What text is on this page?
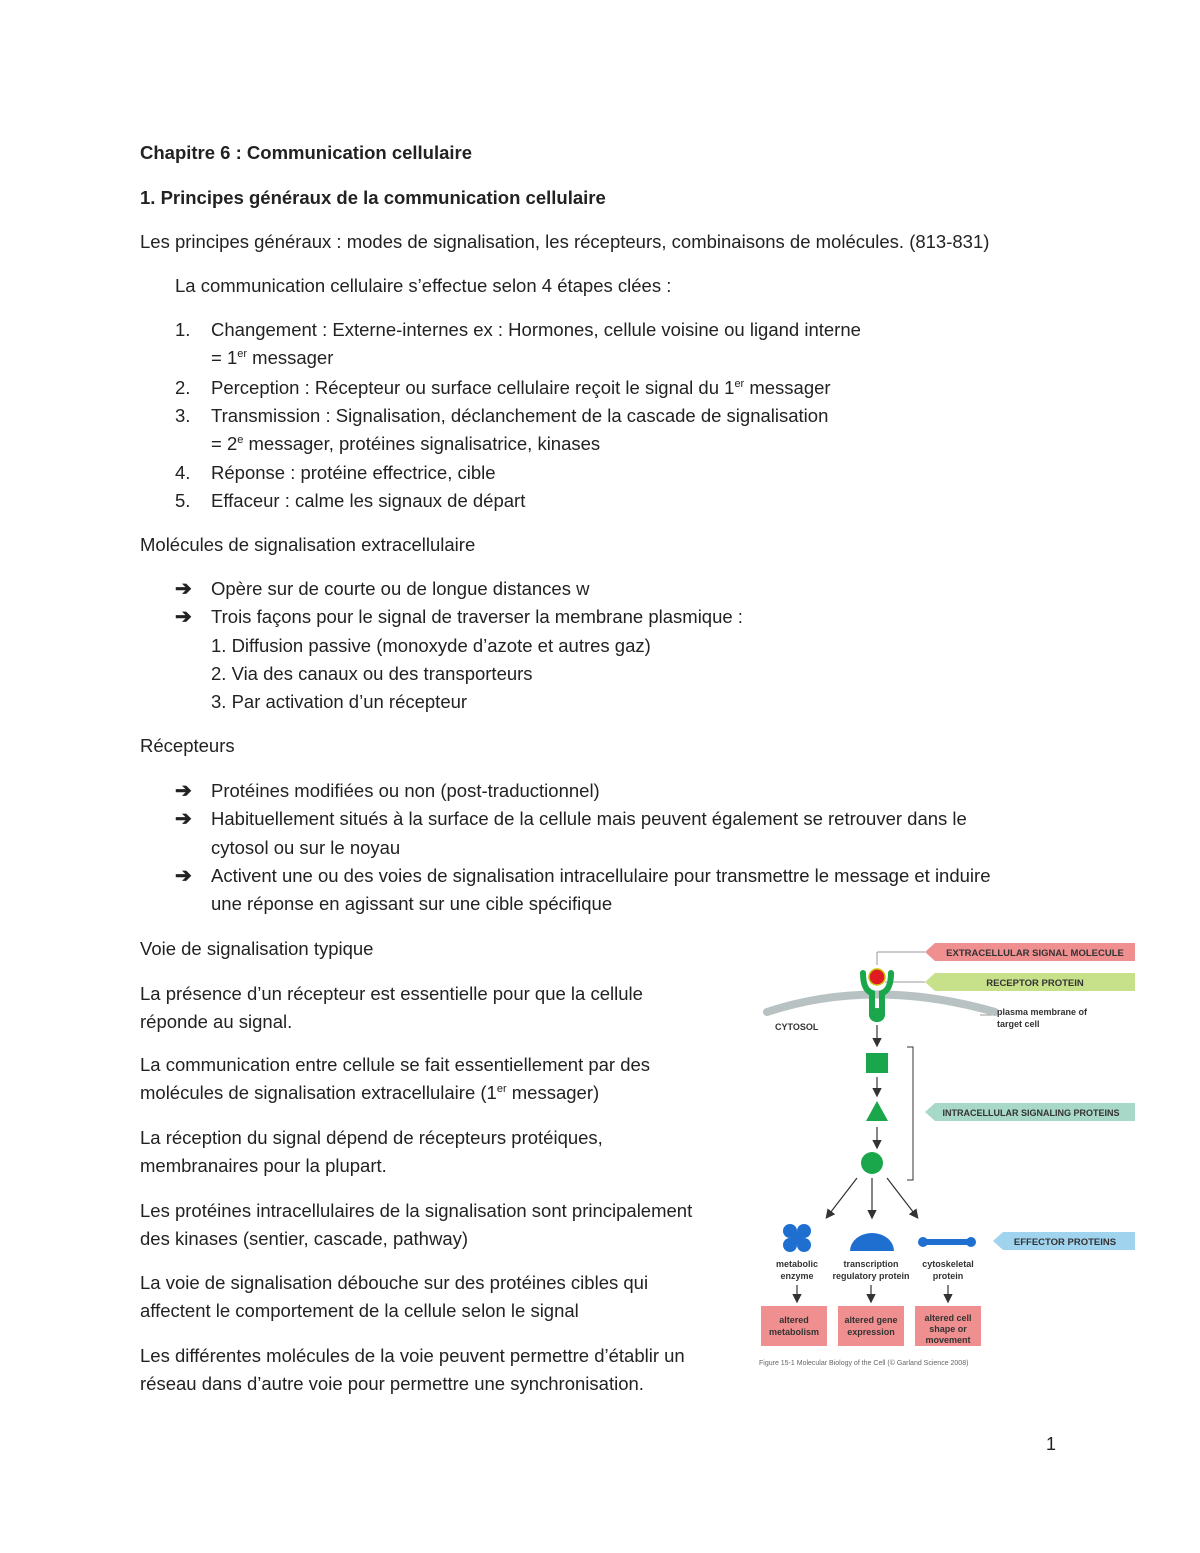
Chapitre 6 : Communication cellulaire
1. Principes généraux de la communication cellulaire
Les principes généraux : modes de signalisation, les récepteurs, combinaisons de molécules. (813-831)
La communication cellulaire s’effectue selon 4 étapes clées :
1. Changement : Externe-internes ex : Hormones, cellule voisine ou ligand interne
= 1er messager
2. Perception : Récepteur ou surface cellulaire reçoit le signal du 1er messager
3. Transmission : Signalisation, déclanchement de la cascade de signalisation
= $2^e$ messager, protéines signalisatrice, kinases
4. Réponse : protéine effectrice, cible
5. Effaceur : calme les signaux de départ
Molécules de signalisation extracellulaire
➔ Opère sur de courte ou de longue distances w
➔ Trois façons pour le signal de traverser la membrane plasmique :
1. Diffusion passive (monoxyde d’azote et autres gaz)
2. Via des canaux ou des transporteurs
3. Par activation d’un récepteur
Récepteurs
➔ Protéines modifiées ou non (post-traductionnel)
➔ Habituellement situés à la surface de la cellule mais peuvent également se retrouver dans le
cytosol ou sur le noyau
➔ Activent une ou des voies de signalisation intracellulaire pour transmettre le message et induire
une réponse en agissant sur une cible spécifique
Voie de signalisation typique
La présence d’un récepteur est essentielle pour que la cellule
réponde au signal.
La communication entre cellule se fait essentiellement par des
molécules de signalisation extracellulaire (1er messager)
La réception du signal dépend de récepteurs protéiques,
membranaires pour la plupart.
Les protéines intracellulaires de la signalisation sont principalement
des kinases (sentier, cascade, pathway)
La voie de signalisation débouche sur des protéines cibles qui
affectent le comportement de la cellule selon le signal
Les différentes molécules de la voie peuvent permettre d’établir un
réseau dans d’autre voie pour permettre une synchronisation.
EXTRACELLULAR SIGNAL MOLECULE
RECEPTOR PROTEIN
INTRACELLULAR SIGNALING PROTEINS
EFFECTOR PROTEINS
plasma membrane of
target cell
CYTOSOL
metabolic
enzyme
transcription
regulatory protein
cytoskeletal
protein
altered
metabolism
altered gene
expression
altered cell
shape or
movement
Figure 15-1 Molecular Biology of the Cell (© Garland Science 2008)
1
